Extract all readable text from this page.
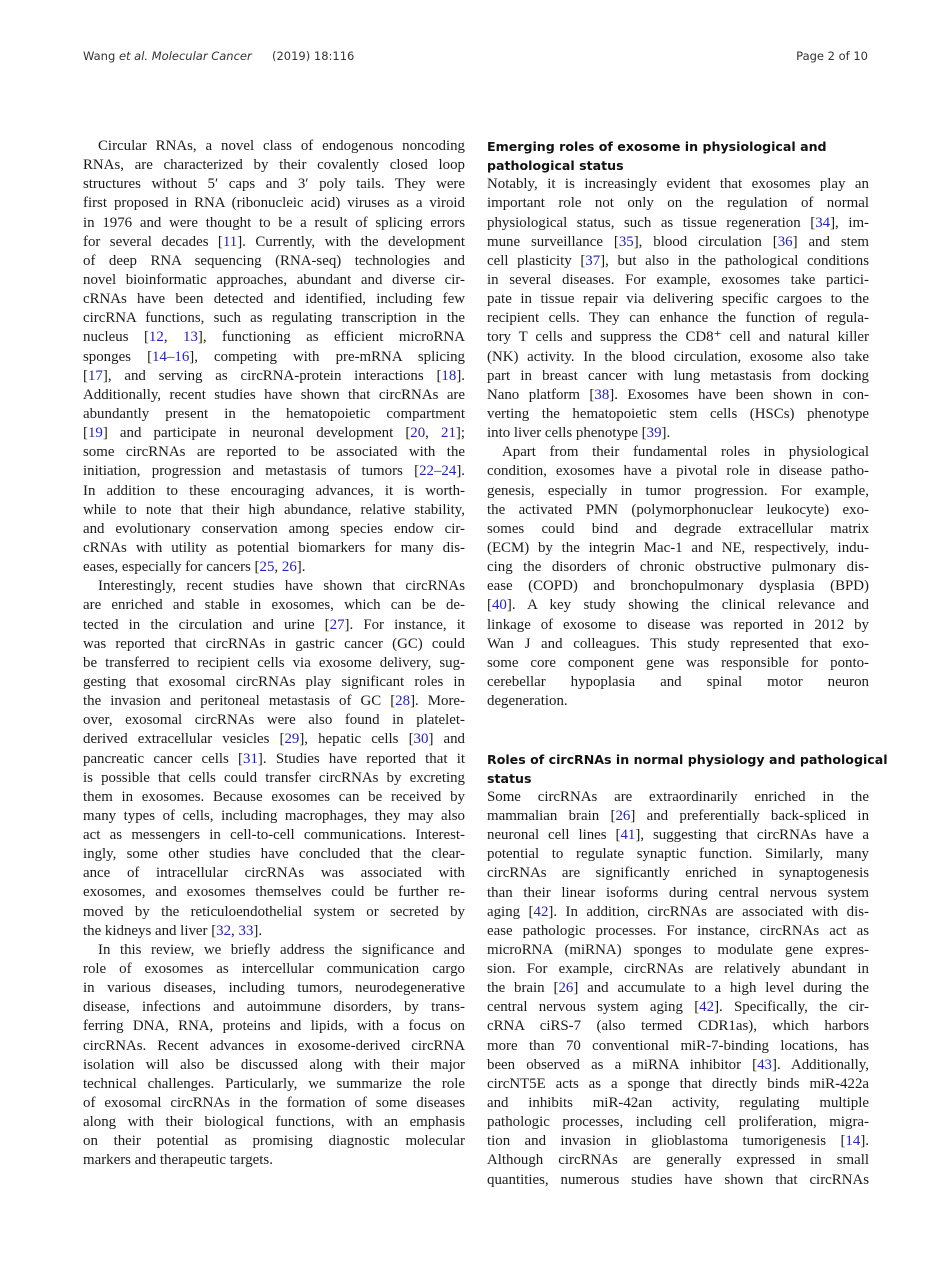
Wang et al. Molecular Cancer (2019) 18:116	Page 2 of 10
Circular RNAs, a novel class of endogenous noncoding
RNAs, are characterized by their covalently closed loop
structures without 5′ caps and 3′ poly tails. They were
first proposed in RNA (ribonucleic acid) viruses as a viroid
in 1976 and were thought to be a result of splicing errors
for several decades [11]. Currently, with the development
of deep RNA sequencing (RNA-seq) technologies and
novel bioinformatic approaches, abundant and diverse cir-
cRNAs have been detected and identified, including few
circRNA functions, such as regulating transcription in the
nucleus [12, 13], functioning as efficient microRNA
sponges [14–16], competing with pre-mRNA splicing
[17], and serving as circRNA-protein interactions [18].
Additionally, recent studies have shown that circRNAs are
abundantly present in the hematopoietic compartment
[19] and participate in neuronal development [20, 21];
some circRNAs are reported to be associated with the
initiation, progression and metastasis of tumors [22–24].
In addition to these encouraging advances, it is worth-
while to note that their high abundance, relative stability,
and evolutionary conservation among species endow cir-
cRNAs with utility as potential biomarkers for many dis-
eases, especially for cancers [25, 26].
Interestingly, recent studies have shown that circRNAs
are enriched and stable in exosomes, which can be de-
tected in the circulation and urine [27]. For instance, it
was reported that circRNAs in gastric cancer (GC) could
be transferred to recipient cells via exosome delivery, sug-
gesting that exosomal circRNAs play significant roles in
the invasion and peritoneal metastasis of GC [28]. More-
over, exosomal circRNAs were also found in platelet-
derived extracellular vesicles [29], hepatic cells [30] and
pancreatic cancer cells [31]. Studies have reported that it
is possible that cells could transfer circRNAs by excreting
them in exosomes. Because exosomes can be received by
many types of cells, including macrophages, they may also
act as messengers in cell-to-cell communications. Interest-
ingly, some other studies have concluded that the clear-
ance of intracellular circRNAs was associated with
exosomes, and exosomes themselves could be further re-
moved by the reticuloendothelial system or secreted by
the kidneys and liver [32, 33].
In this review, we briefly address the significance and
role of exosomes as intercellular communication cargo
in various diseases, including tumors, neurodegenerative
disease, infections and autoimmune disorders, by trans-
ferring DNA, RNA, proteins and lipids, with a focus on
circRNAs. Recent advances in exosome-derived circRNA
isolation will also be discussed along with their major
technical challenges. Particularly, we summarize the role
of exosomal circRNAs in the formation of some diseases
along with their biological functions, with an emphasis
on their potential as promising diagnostic molecular
markers and therapeutic targets.
Emerging roles of exosome in physiological and
pathological status
Notably, it is increasingly evident that exosomes play an
important role not only on the regulation of normal
physiological status, such as tissue regeneration [34], im-
mune surveillance [35], blood circulation [36] and stem
cell plasticity [37], but also in the pathological conditions
in several diseases. For example, exosomes take partici-
pate in tissue repair via delivering specific cargoes to the
recipient cells. They can enhance the function of regula-
tory T cells and suppress the CD8⁺ cell and natural killer
(NK) activity. In the blood circulation, exosome also take
part in breast cancer with lung metastasis from docking
Nano platform [38]. Exosomes have been shown in con-
verting the hematopoietic stem cells (HSCs) phenotype
into liver cells phenotype [39].
Apart from their fundamental roles in physiological
condition, exosomes have a pivotal role in disease patho-
genesis, especially in tumor progression. For example,
the activated PMN (polymorphonuclear leukocyte) exo-
somes could bind and degrade extracellular matrix
(ECM) by the integrin Mac-1 and NE, respectively, indu-
cing the disorders of chronic obstructive pulmonary dis-
ease (COPD) and bronchopulmonary dysplasia (BPD)
[40]. A key study showing the clinical relevance and
linkage of exosome to disease was reported in 2012 by
Wan J and colleagues. This study represented that exo-
some core component gene was responsible for ponto-
cerebellar hypoplasia and spinal motor neuron
degeneration.
Roles of circRNAs in normal physiology and pathological
status
Some circRNAs are extraordinarily enriched in the
mammalian brain [26] and preferentially back-spliced in
neuronal cell lines [41], suggesting that circRNAs have a
potential to regulate synaptic function. Similarly, many
circRNAs are significantly enriched in synaptogenesis
than their linear isoforms during central nervous system
aging [42]. In addition, circRNAs are associated with dis-
ease pathologic processes. For instance, circRNAs act as
microRNA (miRNA) sponges to modulate gene expres-
sion. For example, circRNAs are relatively abundant in
the brain [26] and accumulate to a high level during the
central nervous system aging [42]. Specifically, the cir-
cRNA ciRS-7 (also termed CDR1as), which harbors
more than 70 conventional miR-7-binding locations, has
been observed as a miRNA inhibitor [43]. Additionally,
circNT5E acts as a sponge that directly binds miR-422a
and inhibits miR-42an activity, regulating multiple
pathologic processes, including cell proliferation, migra-
tion and invasion in glioblastoma tumorigenesis [14].
Although circRNAs are generally expressed in small
quantities, numerous studies have shown that circRNAs
